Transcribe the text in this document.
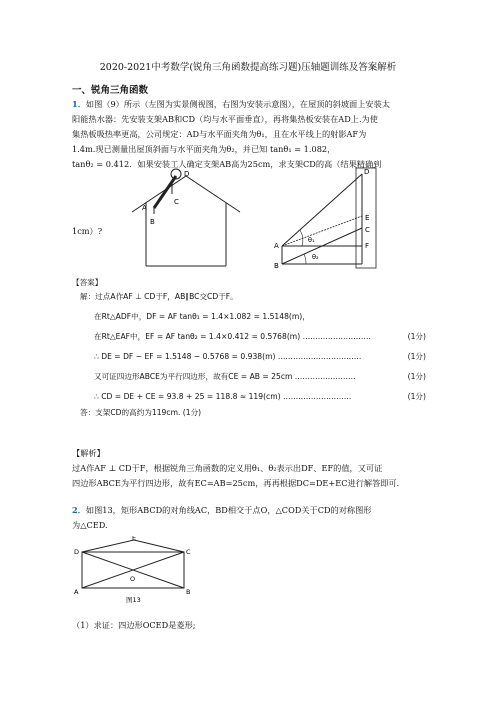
2020-2021中考数学(锐角三角函数提高练习题)压轴题训练及答案解析
一、锐角三角函数
1．如图（9）所示（左图为实景侧视图，右图为安装示意图），在屋顶的斜坡面上安装太
阳能热水器：先安装支架AB和CD（均与水平面垂直），再将集热板安装在AD上.为使
集热板吸热率更高，公司规定：AD与水平面夹角为θ₁，且在水平线上的射影AF为
1.4m.现已测量出屋顶斜面与水平面夹角为θ₂，并已知 tanθ₁ = 1.082，
tanθ₂ = 0.412．如果安装工人确定支架AB高为25cm，求支架CD的高（结果精确到
1cm）?
D
A
B
C
θ₁
θ₂
D
E
C
F
A
B
【答案】
解：过点A作AF ⊥ CD于F，AB∥BC交CD于F。
在Rt△ADF中，DF = AF tanθ₁ = 1.4×1.082 = 1.5148(m)，
在Rt△EAF中，EF = AF tanθ₂ = 1.4×0.412 = 0.5768(m) ………………………	(1分)
∴ DE = DF − EF = 1.5148 − 0.5768 = 0.938(m) ……………………………	(1分)
又可证四边形ABCE为平行四边形，故有CE = AB = 25cm ……………………	(1分)
∴ CD = DE + CE = 93.8 + 25 = 118.8 ≈ 119(cm) ………………………	(1分)
答：支架CD的高约为119cm. (1分)
【解析】
过A作AF ⊥ CD于F，根据锐角三角函数的定义用θ₁、θ₂表示出DF、EF的值，又可证
四边形ABCE为平行四边形，故有EC=AB=25cm，再再根据DC=DE+EC进行解答即可.
2．如图13，矩形ABCD的对角线AC，BD相交于点O，△COD关于CD的对称图形
为△CED.
E
D	C
O
A	B
图13
（1）求证：四边形OCED是菱形;
